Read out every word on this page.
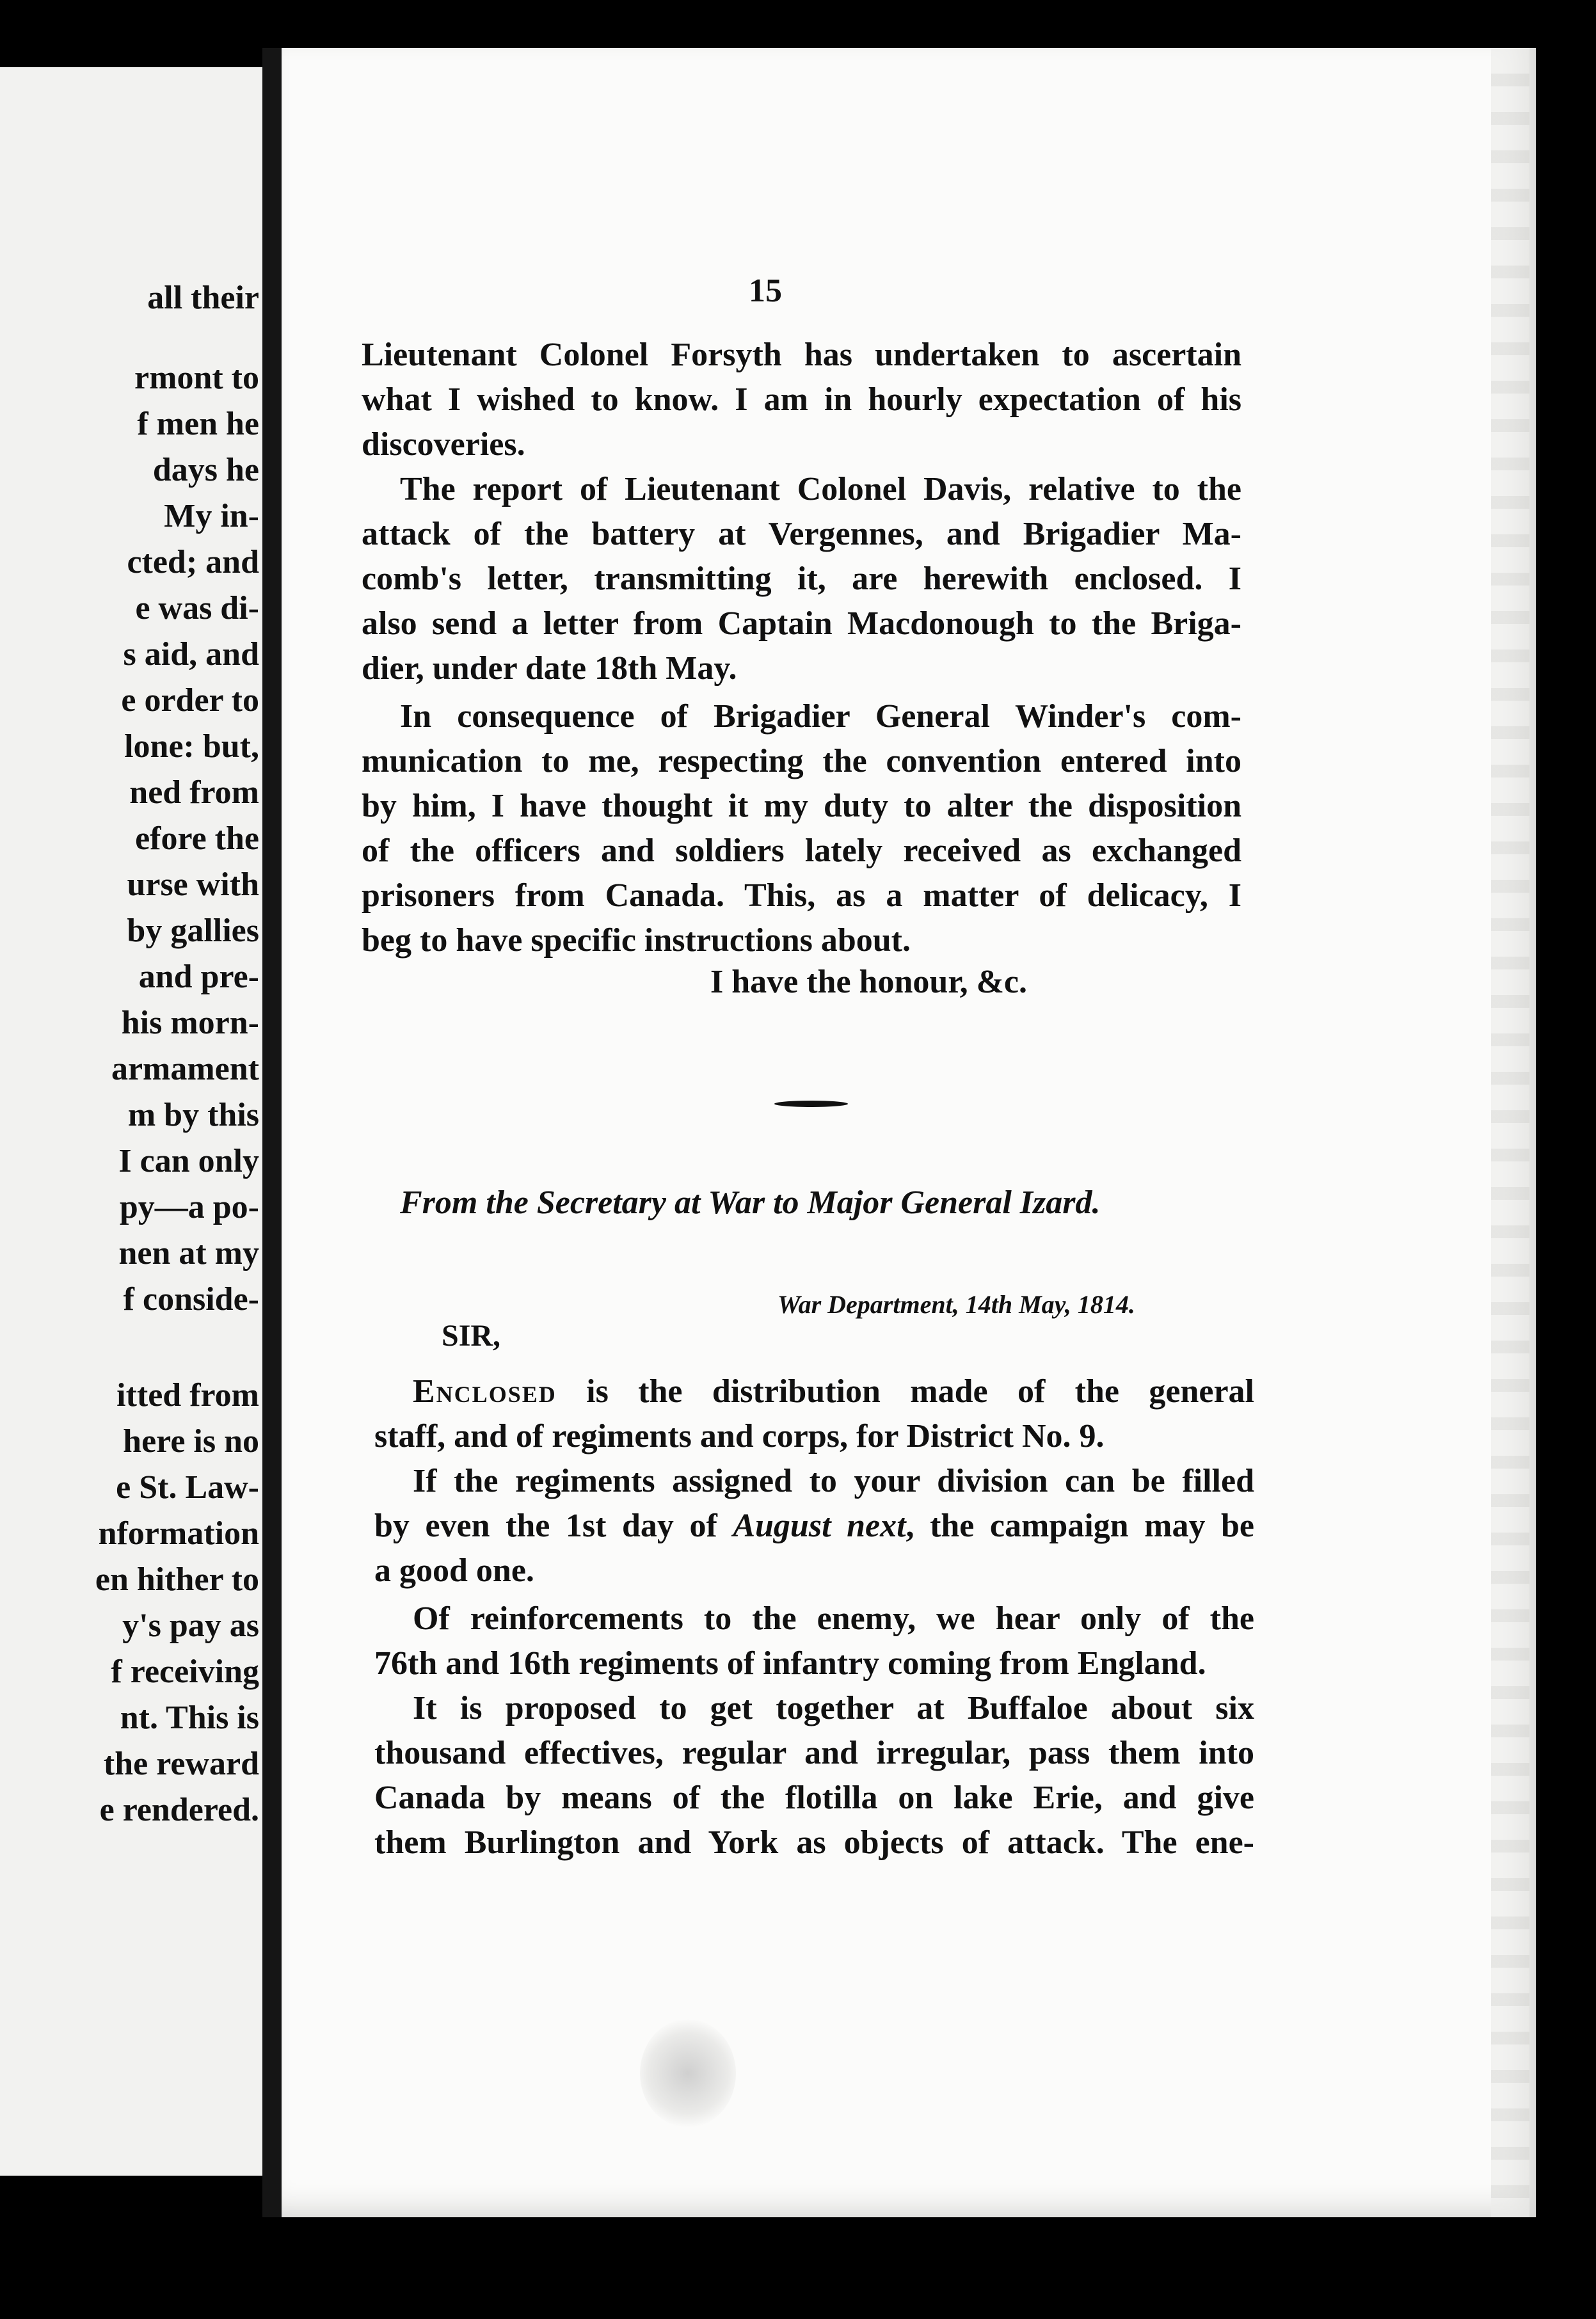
all their
rmont to
f men he
days he
My in-
cted; and
e was di-
s aid, and
e order to
lone: but,
ned from
efore the
urse with
by gallies
and pre-
his morn-
armament
m by this
I can only
py—a po-
nen at my
f conside-
itted from
here is no
e St. Law-
nformation
en hither to
y's pay as
f receiving
nt. This is
the reward
e rendered.
15
Lieutenant Colonel Forsyth has undertaken to ascertain
what I wished to know. I am in hourly expectation of his
discoveries.
The report of Lieutenant Colonel Davis, relative to the
attack of the battery at Vergennes, and Brigadier Ma-
comb's letter, transmitting it, are herewith enclosed. I
also send a letter from Captain Macdonough to the Briga-
dier, under date 18th May.
In consequence of Brigadier General Winder's com-
munication to me, respecting the convention entered into
by him, I have thought it my duty to alter the disposition
of the officers and soldiers lately received as exchanged
prisoners from Canada. This, as a matter of delicacy, I
beg to have specific instructions about.
I have the honour, &c.
From the Secretary at War to Major General Izard.
War Department, 14th May, 1814.
SIR,
Enclosed is the distribution made of the general
staff, and of regiments and corps, for District No. 9.
If the regiments assigned to your division can be filled
by even the 1st day of August next, the campaign may be
a good one.
Of reinforcements to the enemy, we hear only of the
76th and 16th regiments of infantry coming from England.
It is proposed to get together at Buffaloe about six
thousand effectives, regular and irregular, pass them into
Canada by means of the flotilla on lake Erie, and give
them Burlington and York as objects of attack. The ene-
